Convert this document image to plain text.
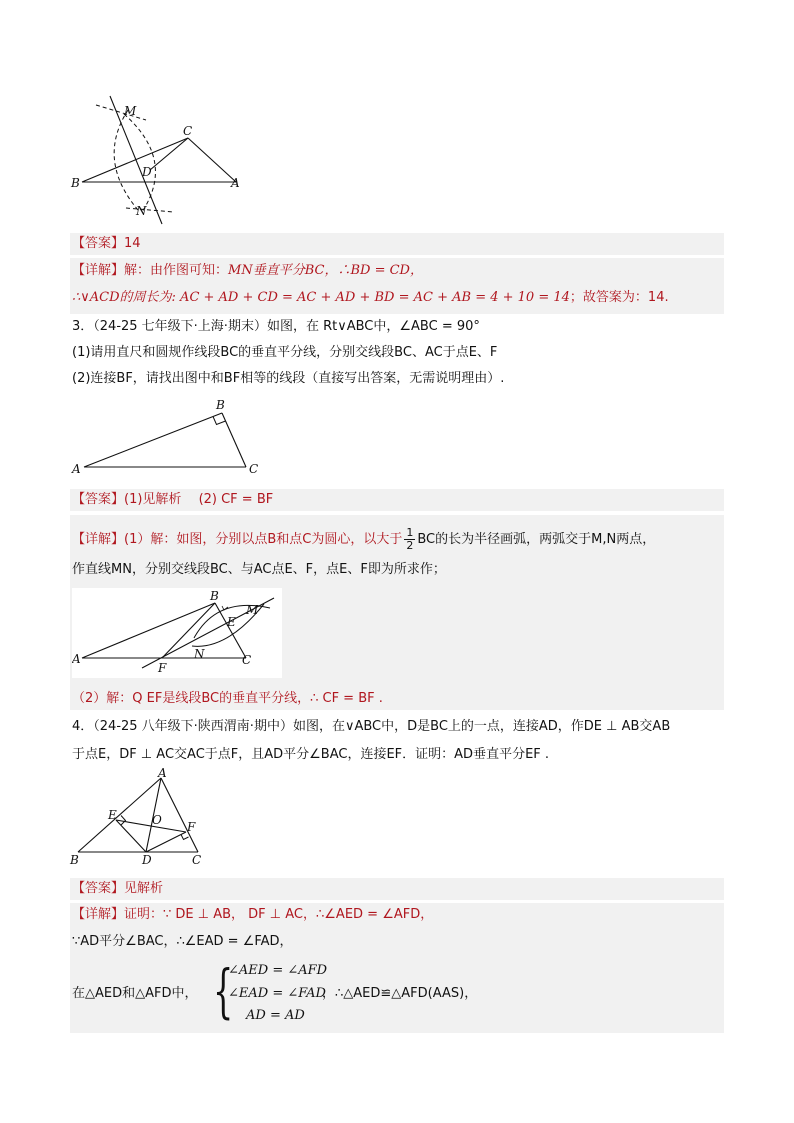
M
C
D
B	A
N
【答案】14
【详解】解：由作图可知：MN垂直平分BC，∴BD = CD，
∴∨ACD的周长为: AC + AD + CD = AC + AD + BD = AC + AB = 4 + 10 = 14；故答案为：14.
3．（24-25 七年级下·上海·期末）如图，在 Rt∨ABC中，∠ABC = 90°
(1)请用直尺和圆规作线段BC的垂直平分线，分别交线段BC、AC于点E、F
(2)连接BF，请找出图中和BF相等的线段（直接写出答案，无需说明理由）.
B
A	C
【答案】(1)见解析　 (2) CF = BF
【详解】(1）解：如图，分别以点B和点C为圆心，以大于 $\frac{1}{2}$ BC的长为半径画弧，两弧交于M,N两点，
作直线MN，分别交线段BC、与AC点E、F，点E、F即为所求作；
B
M
E
A	N
F
C
（2）解：Q EF是线段BC的垂直平分线，∴ CF = BF .
4．（24-25 八年级下·陕西渭南·期中）如图，在∨ABC中，D是BC上的一点，连接AD，作DE ⊥ AB交AB
于点E，DF ⊥ AC交AC于点F，且AD平分∠BAC，连接EF．证明：AD垂直平分EF .
A
E	O F
B	D	C
【答案】见解析
【详解】证明：∵ DE ⊥ AB， DF ⊥ AC，∴∠AED = ∠AFD，
∵AD平分∠BAC，∴∠EAD = ∠FAD，
在△AED和△AFD中， {
∠AED = ∠AFD
∠EAD = ∠FAD
AD = AD
，∴△AED≌△AFD(AAS)，
